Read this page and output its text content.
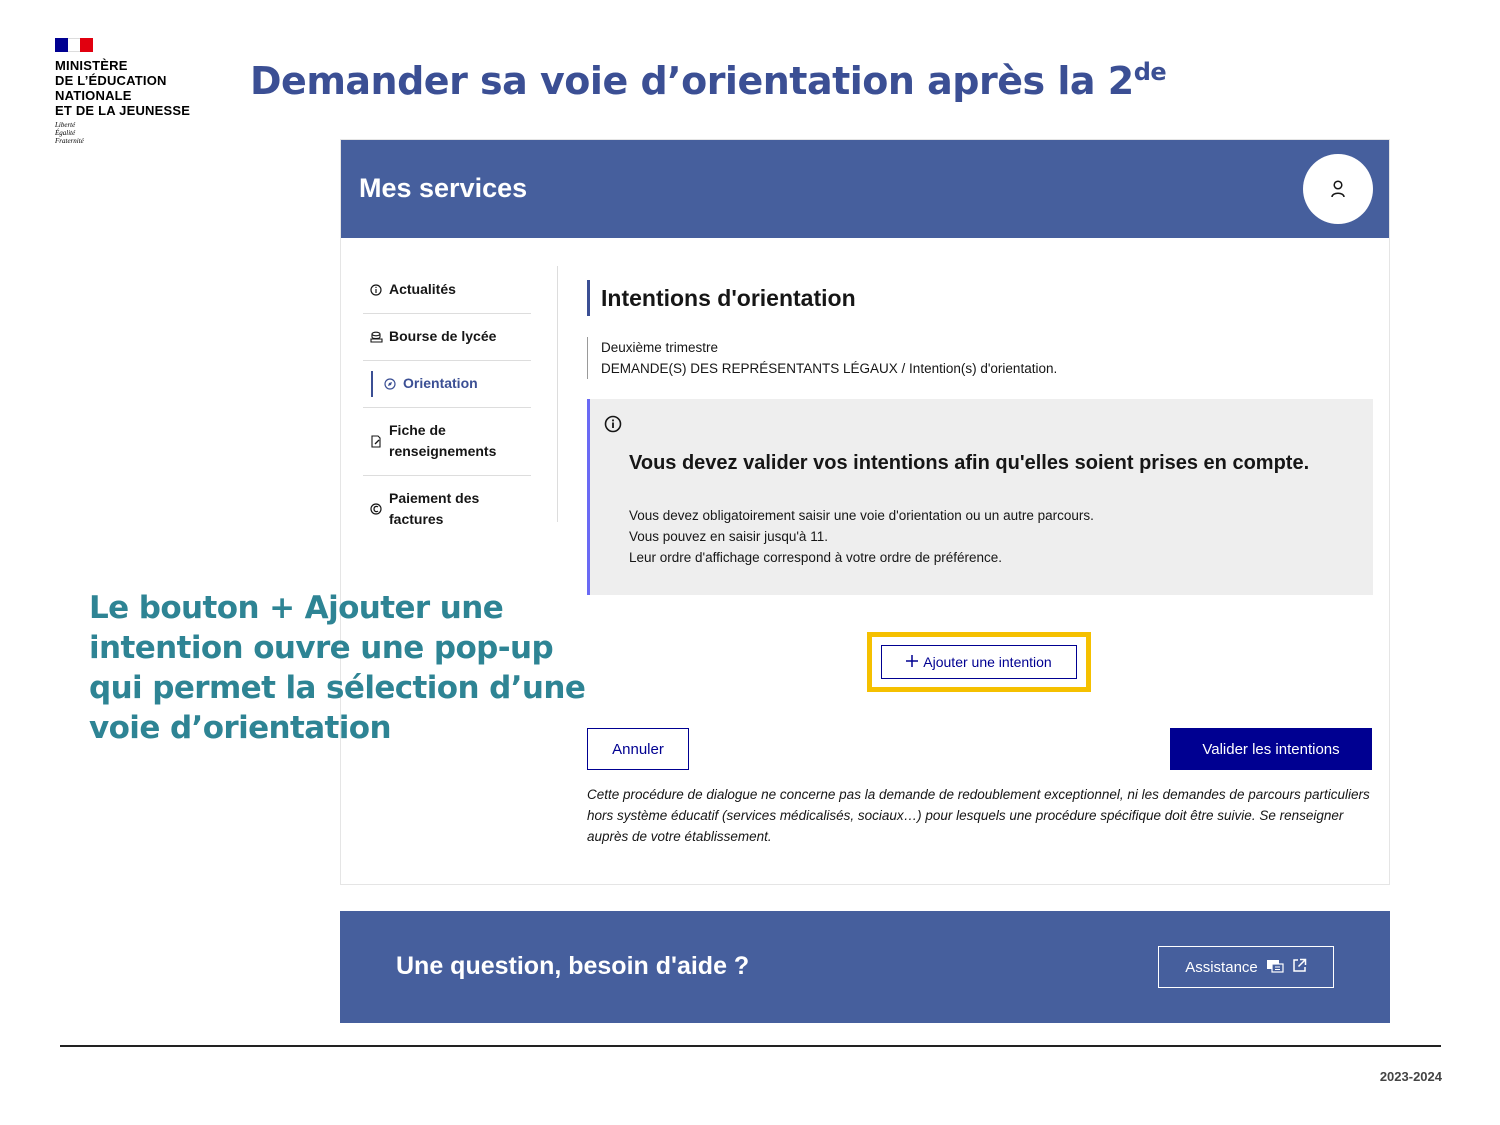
MINISTÈRE
DE L’ÉDUCATION
NATIONALE
ET DE LA JEUNESSE
Liberté
Égalité
Fraternité
Demander sa voie d’orientation après la 2de
Mes services
Actualités
Bourse de lycée
Orientation
Fiche de renseignements
Paiement des factures
Intentions d'orientation
Deuxième trimestre
DEMANDE(S) DES REPRÉSENTANTS LÉGAUX / Intention(s) d'orientation.
Vous devez valider vos intentions afin qu'elles soient prises en compte.
Vous devez obligatoirement saisir une voie d'orientation ou un autre parcours.
Vous pouvez en saisir jusqu'à 11.
Leur ordre d'affichage correspond à votre ordre de préférence.
Ajouter une intention
Annuler	Valider les intentions
Cette procédure de dialogue ne concerne pas la demande de redoublement exceptionnel, ni les demandes de parcours particuliers hors système éducatif (services médicalisés, sociaux…) pour lesquels une procédure spécifique doit être suivie. Se renseigner auprès de votre établissement.
Une question, besoin d'aide ?	Assistance
Le bouton + Ajouter une intention ouvre une pop-up qui permet la sélection d’une voie d’orientation
2023-2024
